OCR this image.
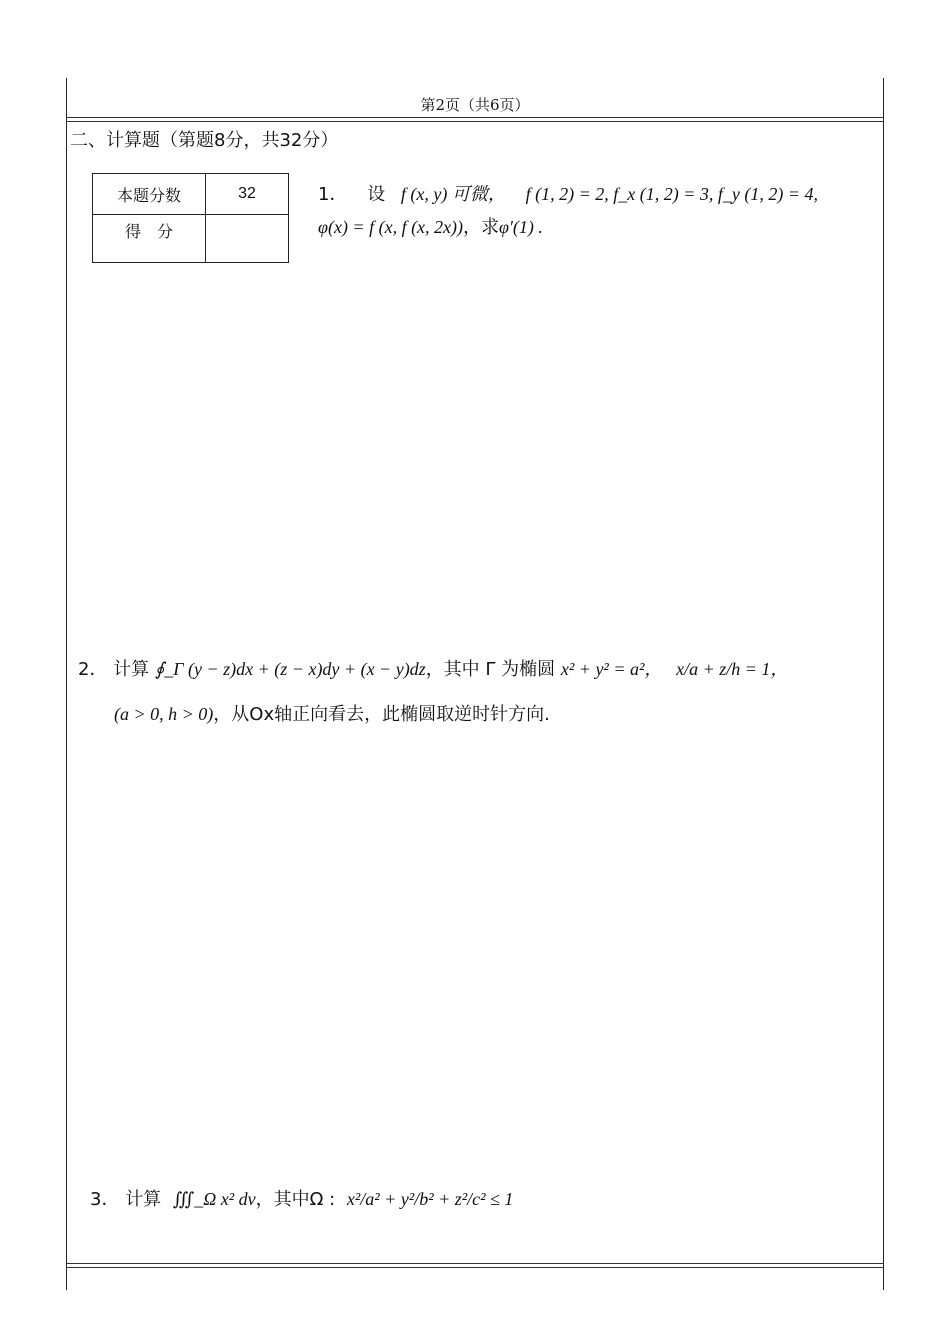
第2页（共6页）
二、计算题（第题8分，共32分）
本题分数	32
得　分	
1． 设 f (x, y) 可微， f (1, 2) = 2, f_x (1, 2) = 3, f_y (1, 2) = 4,
φ(x) = f (x, f (x, 2x))，求φ′(1) .
2． 计算 ∮_Γ (y − z)dx + (z − x)dy + (x − y)dz，其中 Γ 为椭圆 x² + y² = a²， x/a + z/h = 1，
(a > 0, h > 0)，从Ox轴正向看去，此椭圆取逆时针方向.
3． 计算 ∭_Ω x² dv，其中Ω : x²/a² + y²/b² + z²/c² ≤ 1
